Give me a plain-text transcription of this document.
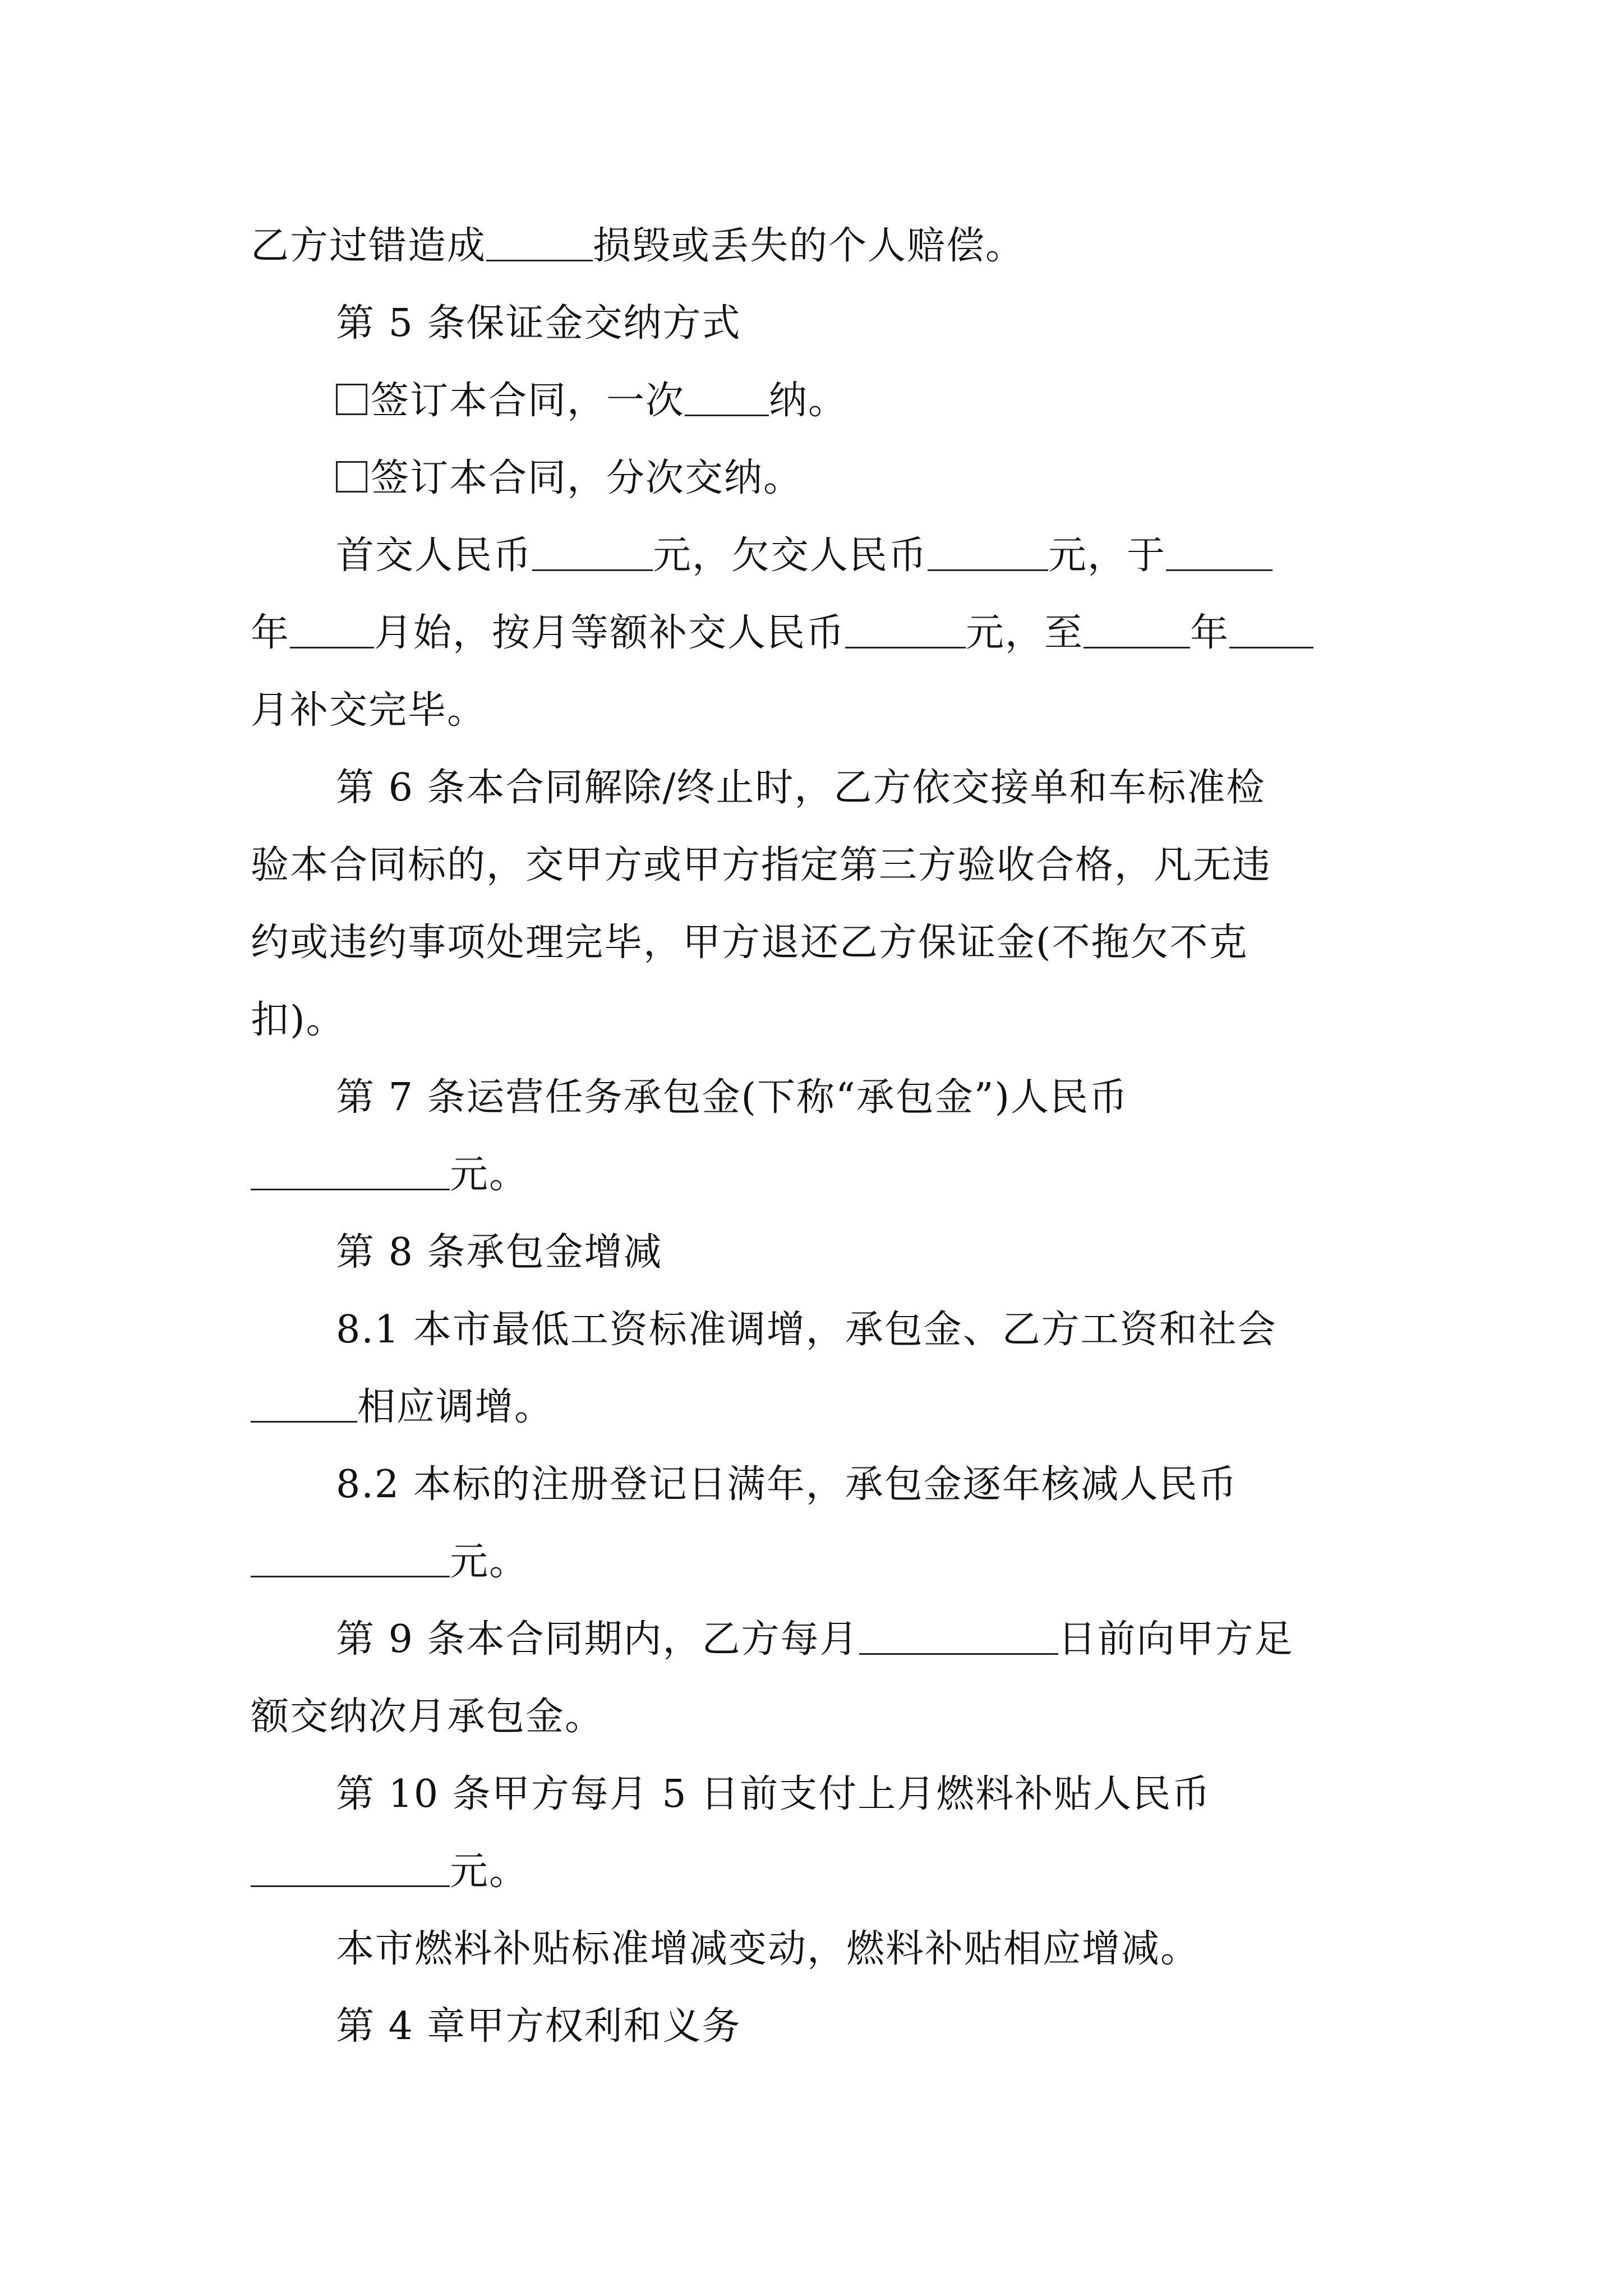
乙方过错造成	损毁或丢失的个人赔偿。

第 5 条保证金交纳方式

签订本合同，一次 纳。

签订本合同，分次交纳。

首交人民币	元，欠交人民币	元，于

年 月始，按月等额补交人民币	元，至	年

月补交完毕。

第 6 条本合同解除/终止时，乙方依交接单和车标准检

验本合同标的，交甲方或甲方指定第三方验收合格，凡无违

约或违约事项处理完毕，甲方退还乙方保证金(不拖欠不克

扣)。

第 7 条运营任务承包金(下称“承包金”)人民币

元。

第 8 条承包金增减

8.1 本市最低工资标准调增，承包金、乙方工资和社会

相应调增。

8.2 本标的注册登记日满年，承包金逐年核减人民币

元。

第 9 条本合同期内，乙方每月	日前向甲方足

额交纳次月承包金。

第 10 条甲方每月 5 日前支付上月燃料补贴人民币

元。

本市燃料补贴标准增减变动，燃料补贴相应增减。

第 4 章甲方权利和义务
